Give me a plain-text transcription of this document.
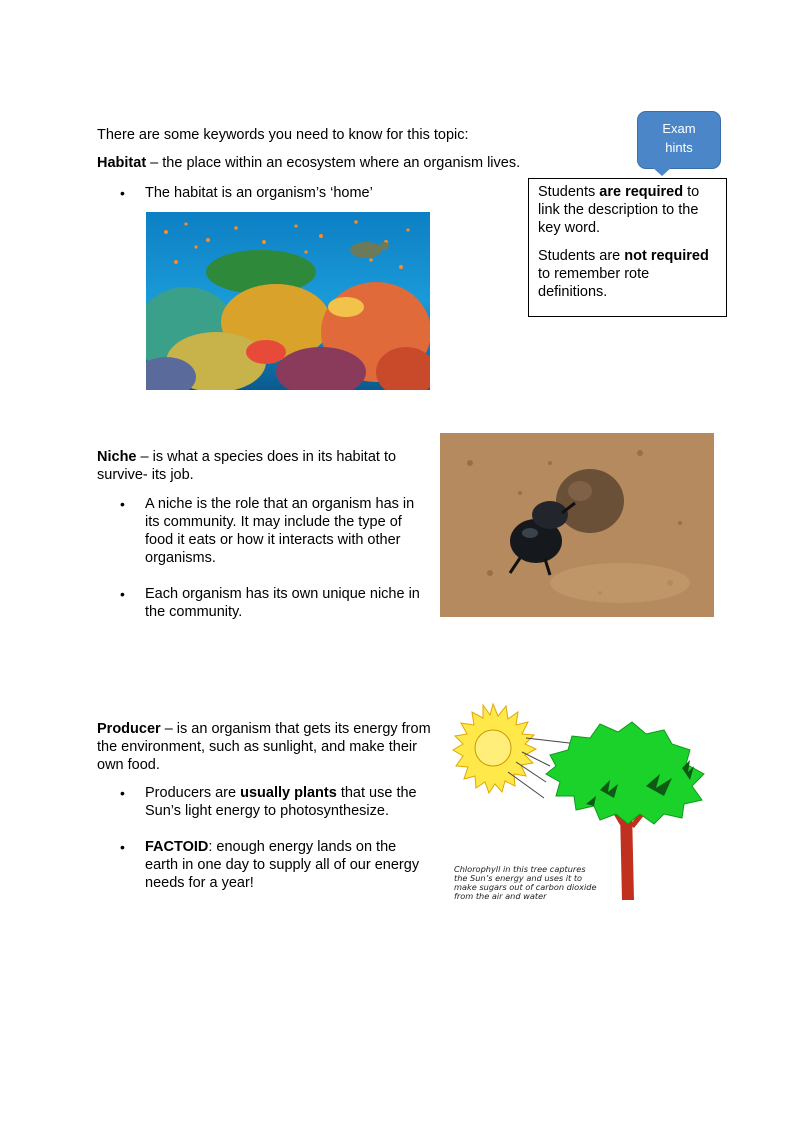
There are some keywords you need to know for this topic:
Habitat – the place within an ecosystem where an organism lives.
• The habitat is an organism’s ‘home’
Exam
hints

Students are required to link the description to the key word.

Students are not required to remember rote definitions.

Niche – is what a species does in its habitat to
survive- its job.
• A niche is the role that an organism has in its community. It may include the type of food it eats or how it interacts with other organisms.
• Each organism has its own unique niche in the community.
Producer – is an organism that gets its energy from
the environment, such as sunlight, and make their
own food.
• Producers are usually plants that use the Sun’s light energy to photosynthesize.
• FACTOID: enough energy lands on the earth in one day to supply all of our energy needs for a year!
Chlorophyll in this tree captures
the Sun’s energy and uses it to
make sugars out of carbon dioxide
from the air and water
